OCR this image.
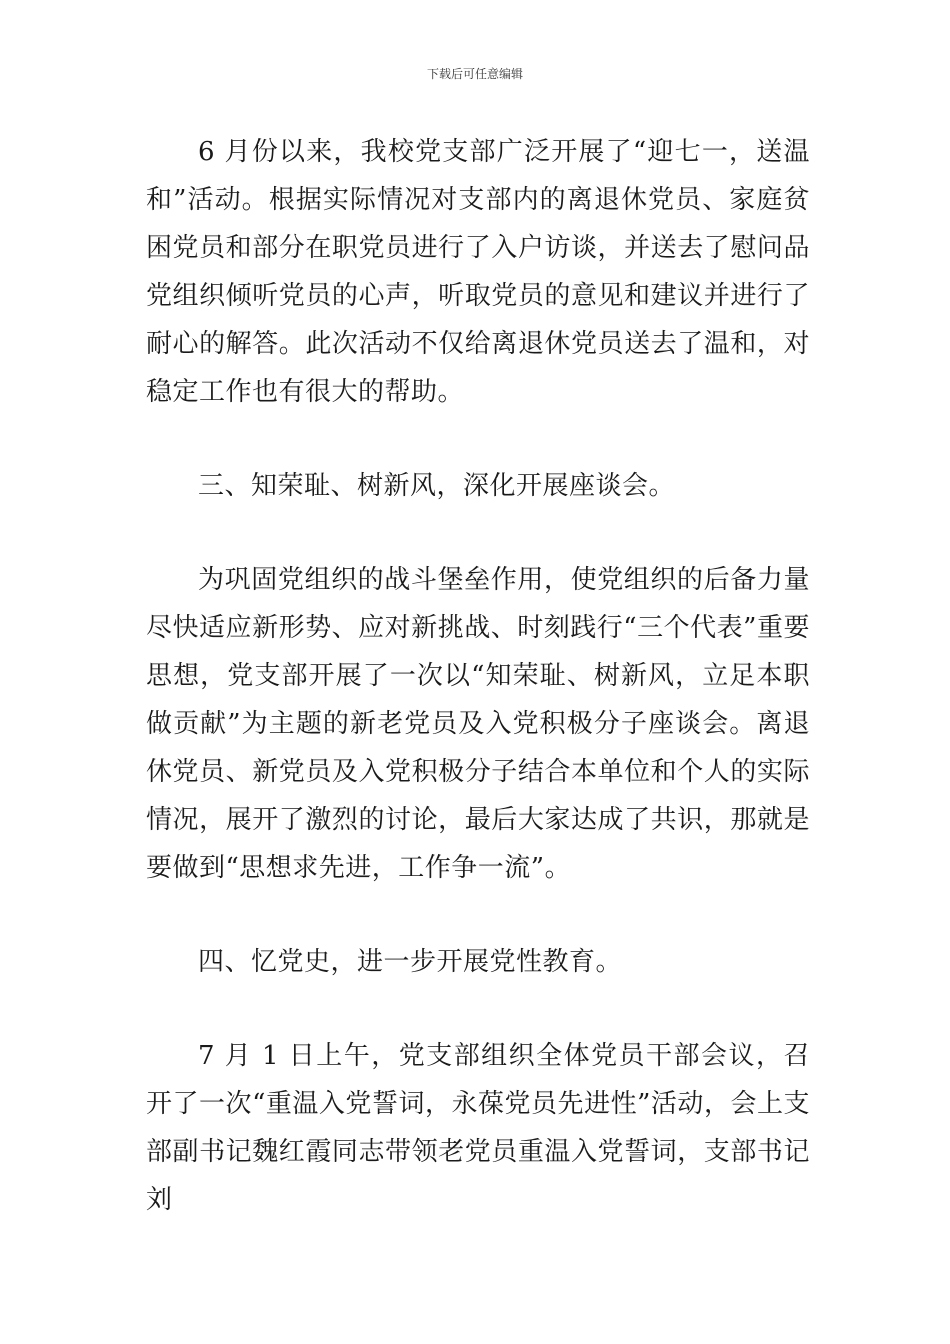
下载后可任意编辑

6 月份以来，我校党支部广泛开展了“迎七一，送温和”活动。根据实际情况对支部内的离退休党员、家庭贫困党员和部分在职党员进行了入户访谈，并送去了慰问品党组织倾听党员的心声，听取党员的意见和建议并进行了耐心的解答。此次活动不仅给离退休党员送去了温和，对稳定工作也有很大的帮助。

三、知荣耻、树新风，深化开展座谈会。

为巩固党组织的战斗堡垒作用，使党组织的后备力量尽快适应新形势、应对新挑战、时刻践行“三个代表”重要思想，党支部开展了一次以“知荣耻、树新风，立足本职做贡献”为主题的新老党员及入党积极分子座谈会。离退休党员、新党员及入党积极分子结合本单位和个人的实际情况，展开了激烈的讨论，最后大家达成了共识，那就是要做到“思想求先进，工作争一流”。

四、忆党史，进一步开展党性教育。

7 月 1 日上午，党支部组织全体党员干部会议，召开了一次“重温入党誓词，永葆党员先进性”活动，会上支部副书记魏红霞同志带领老党员重温入党誓词，支部书记刘
